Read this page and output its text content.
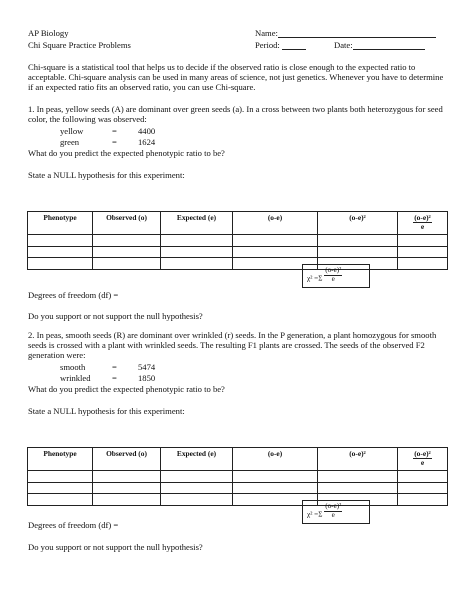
AP Biology
Chi Square Practice Problems
Name:
Period:	Date:

Chi-square is a statistical tool that helps us to decide if the observed ratio is close enough to the expected ratio to acceptable. Chi-square analysis can be used in many areas of science, not just genetics. Whenever you have to determine if an expected ratio fits an observed ratio, you can use Chi-square.

1. In peas, yellow seeds (A) are dominant over green seeds (a). In a cross between two plants both heterozygous for seed color, the following was observed:

yellow	=	4400
green	=	1624

What do you predict the expected phenotypic ratio to be?

State a NULL hypothesis for this experiment:

Phenotype	Observed (o)	Expected (e)	(o-e)	(o-e)²	$\frac{\text{(o-e)²}}{e}$

$\chi^2 =\Sigma \frac{\text{(o-e)²}}{e}$

Degrees of freedom (df) =

Do you support or not support the null hypothesis?

2. In peas, smooth seeds (R) are dominant over wrinkled (r) seeds. In the P generation, a plant homozygous for smooth seeds is crossed with a plant with wrinkled seeds. The resulting F1 plants are crossed. The seeds of the observed F2 generation were:

smooth	=	5474
wrinkled	=	1850

What do you predict the expected phenotypic ratio to be?

State a NULL hypothesis for this experiment:

Phenotype	Observed (o)	Expected (e)	(o-e)	(o-e)²	$\frac{\text{(o-e)²}}{e}$

$\chi^2 =\Sigma \frac{\text{(o-e)²}}{e}$

Degrees of freedom (df) =

Do you support or not support the null hypothesis?
